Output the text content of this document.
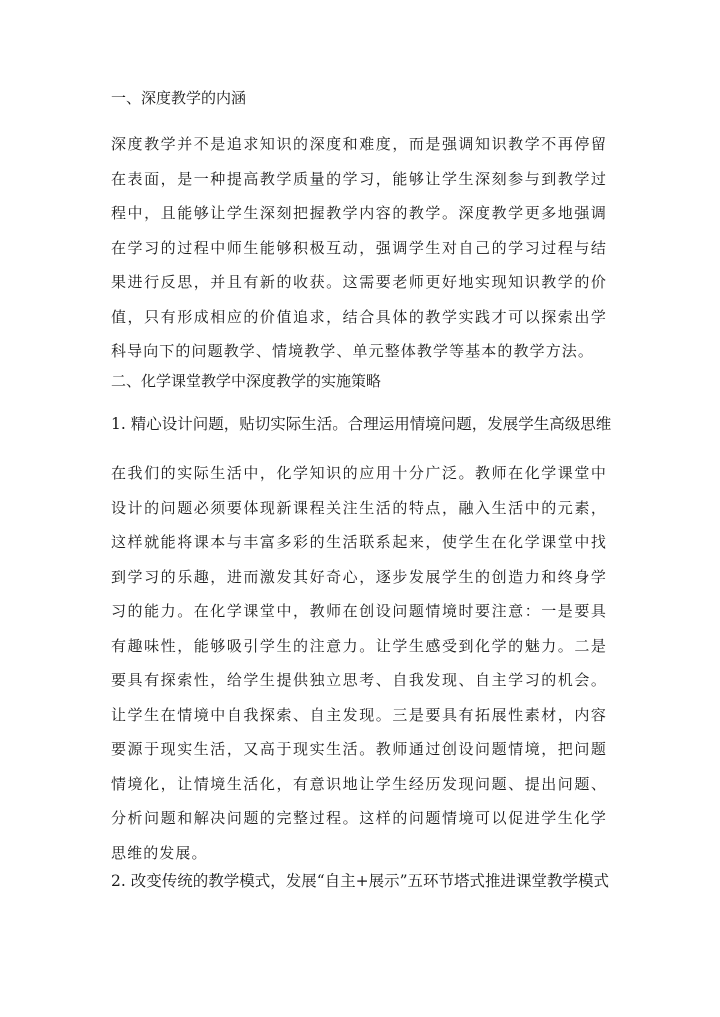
一、深度教学的内涵

深度教学并不是追求知识的深度和难度，而是强调知识教学不再停留在表面，是一种提高教学质量的学习，能够让学生深刻参与到教学过程中，且能够让学生深刻把握教学内容的教学。深度教学更多地强调在学习的过程中师生能够积极互动，强调学生对自己的学习过程与结果进行反思，并且有新的收获。这需要老师更好地实现知识教学的价值，只有形成相应的价值追求，结合具体的教学实践才可以探索出学科导向下的问题教学、情境教学、单元整体教学等基本的教学方法。

二、化学课堂教学中深度教学的实施策略
1. 精心设计问题，贴切实际生活。合理运用情境问题，发展学生高级思维

在我们的实际生活中，化学知识的应用十分广泛。教师在化学课堂中设计的问题必须要体现新课程关注生活的特点，融入生活中的元素，这样就能将课本与丰富多彩的生活联系起来，使学生在化学课堂中找到学习的乐趣，进而激发其好奇心，逐步发展学生的创造力和终身学习的能力。在化学课堂中，教师在创设问题情境时要注意：一是要具有趣味性，能够吸引学生的注意力。让学生感受到化学的魅力。二是要具有探索性，给学生提供独立思考、自我发现、自主学习的机会。让学生在情境中自我探索、自主发现。三是要具有拓展性素材，内容要源于现实生活，又高于现实生活。教师通过创设问题情境，把问题情境化，让情境生活化，有意识地让学生经历发现问题、提出问题、分析问题和解决问题的完整过程。这样的问题情境可以促进学生化学思维的发展。

2. 改变传统的教学模式，发展“自主+展示”五环节塔式推进课堂教学模式
